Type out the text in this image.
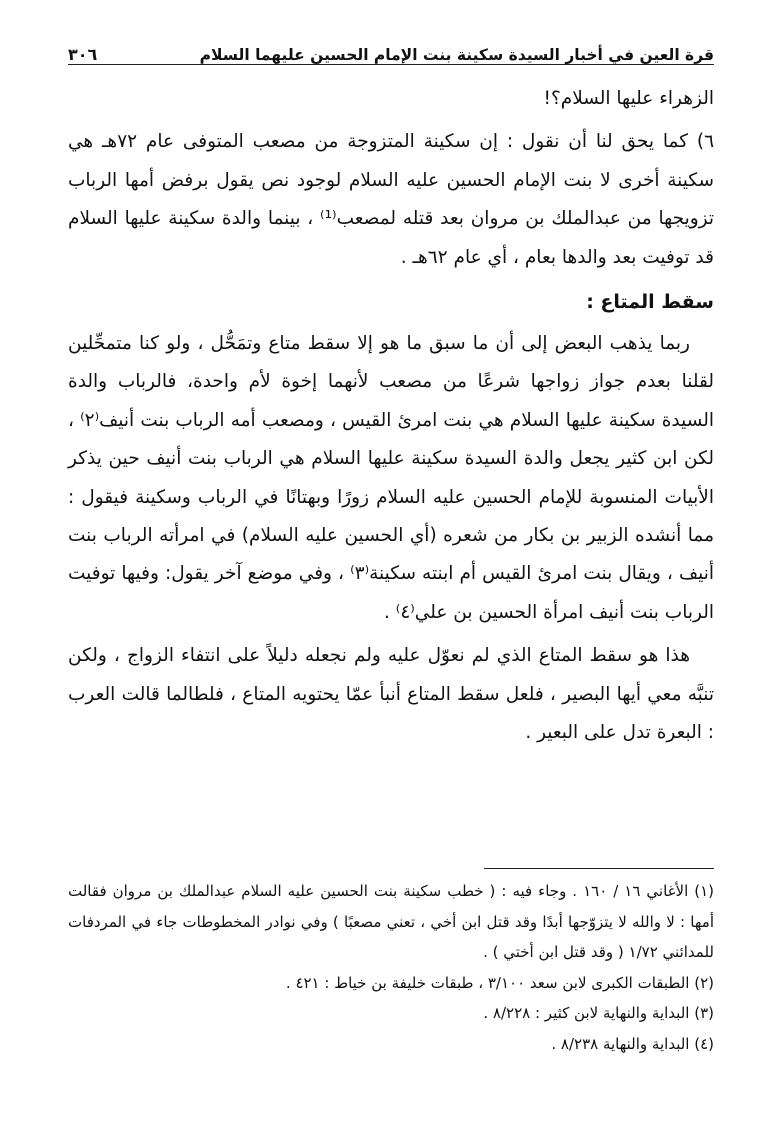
قرة العين في أخبار السيدة سكينة بنت الإمام الحسين عليهما السلام
٣٠٦

الزهراء عليها السلام؟!

٦) كما يحق لنا أن نقول : إن سكينة المتزوجة من مصعب المتوفى عام ٧٢هـ هي سكينة أخرى لا بنت الإمام الحسين عليه السلام لوجود نص يقول برفض أمها الرباب تزويجها من عبدالملك بن مروان بعد قتله لمصعب⁽¹⁾ ، بينما والدة سكينة عليها السلام قد توفيت بعد والدها بعام ، أي عام ٦٢هـ .

سقط المتاع :

ربما يذهب البعض إلى أن ما سبق ما هو إلا سقط متاع وتمَحُّل ، ولو كنا متمحِّلين لقلنا بعدم جواز زواجها شرعًا من مصعب لأنهما إخوة لأم واحدة، فالرباب والدة السيدة سكينة عليها السلام هي بنت امرئ القيس ، ومصعب أمه الرباب بنت أنيف⁽٢⁾ ، لكن ابن كثير يجعل والدة السيدة سكينة عليها السلام هي الرباب بنت أنيف حين يذكر الأبيات المنسوبة للإمام الحسين عليه السلام زورًا وبهتانًا في الرباب وسكينة فيقول : مما أنشده الزبير بن بكار من شعره (أي الحسين عليه السلام) في امرأته الرباب بنت أنيف ، ويقال بنت امرئ القيس أم ابنته سكينة⁽٣⁾ ، وفي موضع آخر يقول: وفيها توفيت الرباب بنت أنيف امرأة الحسين بن علي⁽٤⁾ .

هذا هو سقط المتاع الذي لم نعوّل عليه ولم نجعله دليلاً على انتفاء الزواج ، ولكن تنبَّه معي أيها البصير ، فلعل سقط المتاع أنبأ عمّا يحتويه المتاع ، فلطالما قالت العرب : البعرة تدل على البعير .

(١) الأغاني ١٦ / ١٦٠ . وجاء فيه : ( خطب سكينة بنت الحسين عليه السلام عبدالملك بن مروان فقالت أمها : لا والله لا يتزوّجها أبدًا وقد قتل ابن أخي ، تعني مصعبًا ) وفي نوادر المخطوطات جاء في المردفات للمدائني ١/٧٢ ( وقد قتل ابن أختي ) .

(٢) الطبقات الكبرى لابن سعد ٣/١٠٠ ، طبقات خليفة بن خياط : ٤٢١ .

(٣) البداية والنهاية لابن كثير : ٨/٢٢٨ .

(٤) البداية والنهاية ٨/٢٣٨ .
